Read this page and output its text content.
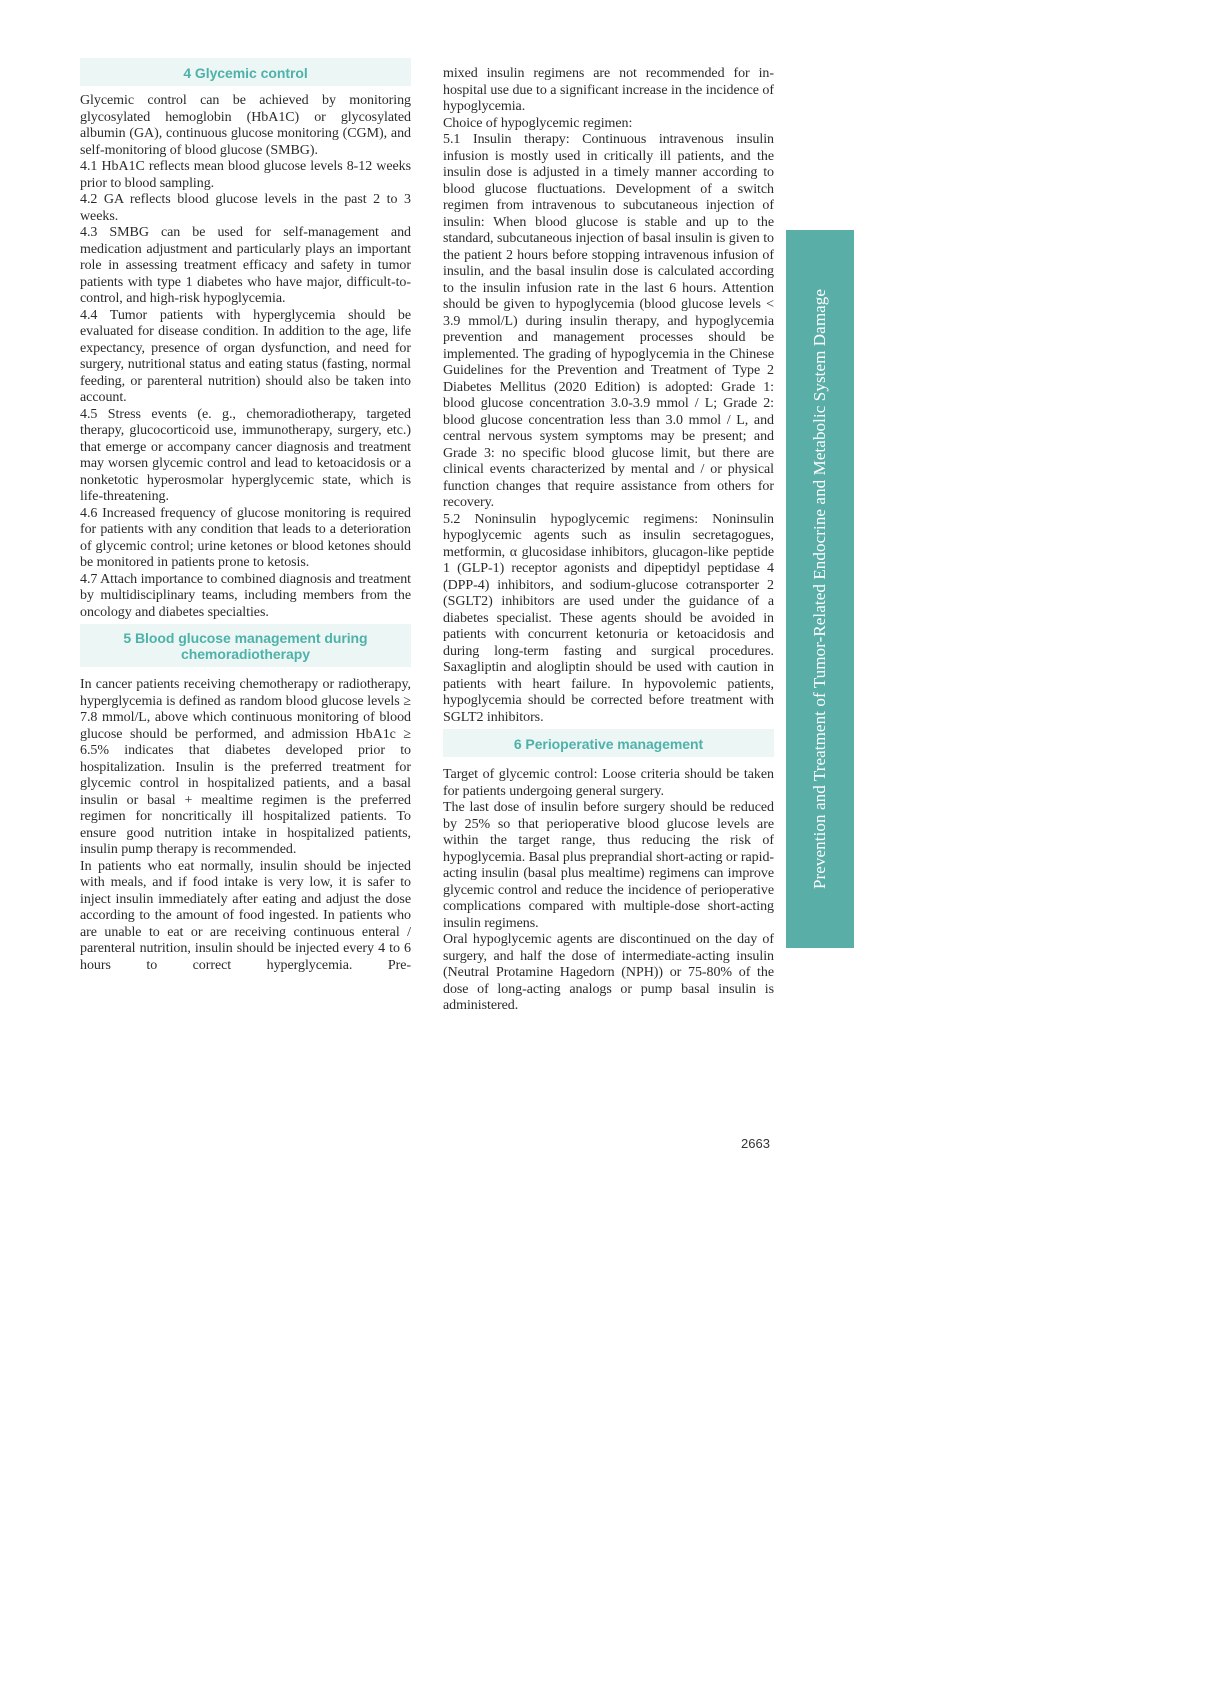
4 Glycemic control

Glycemic control can be achieved by monitoring glycosylated hemoglobin (HbA1C) or glycosylated albumin (GA), continuous glucose monitoring (CGM), and self-monitoring of blood glucose (SMBG).

4.1 HbA1C reflects mean blood glucose levels 8-12 weeks prior to blood sampling.

4.2 GA reflects blood glucose levels in the past 2 to 3 weeks.

4.3 SMBG can be used for self-management and medication adjustment and particularly plays an important role in assessing treatment efficacy and safety in tumor patients with type 1 diabetes who have major, difficult-to-control, and high-risk hypoglycemia.

4.4 Tumor patients with hyperglycemia should be evaluated for disease condition. In addition to the age, life expectancy, presence of organ dysfunction, and need for surgery, nutritional status and eating status (fasting, normal feeding, or parenteral nutrition) should also be taken into account.

4.5 Stress events (e. g., chemoradiotherapy, targeted therapy, glucocorticoid use, immunotherapy, surgery, etc.) that emerge or accompany cancer diagnosis and treatment may worsen glycemic control and lead to ketoacidosis or a nonketotic hyperosmolar hyperglycemic state, which is life-threatening.

4.6 Increased frequency of glucose monitoring is required for patients with any condition that leads to a deterioration of glycemic control; urine ketones or blood ketones should be monitored in patients prone to ketosis.

4.7 Attach importance to combined diagnosis and treatment by multidisciplinary teams, including members from the oncology and diabetes specialties.

5 Blood glucose management during chemoradiotherapy

In cancer patients receiving chemotherapy or radiotherapy, hyperglycemia is defined as random blood glucose levels ≥ 7.8 mmol/L, above which continuous monitoring of blood glucose should be performed, and admission HbA1c ≥ 6.5% indicates that diabetes developed prior to hospitalization. Insulin is the preferred treatment for glycemic control in hospitalized patients, and a basal insulin or basal + mealtime regimen is the preferred regimen for noncritically ill hospitalized patients. To ensure good nutrition intake in hospitalized patients, insulin pump therapy is recommended.

In patients who eat normally, insulin should be injected with meals, and if food intake is very low, it is safer to inject insulin immediately after eating and adjust the dose according to the amount of food ingested. In patients who are unable to eat or are receiving continuous enteral / parenteral nutrition, insulin should be injected every 4 to 6 hours to correct hyperglycemia. Pre-

mixed insulin regimens are not recommended for in-hospital use due to a significant increase in the incidence of hypoglycemia.

Choice of hypoglycemic regimen:

5.1 Insulin therapy: Continuous intravenous insulin infusion is mostly used in critically ill patients, and the insulin dose is adjusted in a timely manner according to blood glucose fluctuations. Development of a switch regimen from intravenous to subcutaneous injection of insulin: When blood glucose is stable and up to the standard, subcutaneous injection of basal insulin is given to the patient 2 hours before stopping intravenous infusion of insulin, and the basal insulin dose is calculated according to the insulin infusion rate in the last 6 hours. Attention should be given to hypoglycemia (blood glucose levels < 3.9 mmol/L) during insulin therapy, and hypoglycemia prevention and management processes should be implemented. The grading of hypoglycemia in the Chinese Guidelines for the Prevention and Treatment of Type 2 Diabetes Mellitus (2020 Edition) is adopted: Grade 1: blood glucose concentration 3.0-3.9 mmol / L; Grade 2: blood glucose concentration less than 3.0 mmol / L, and central nervous system symptoms may be present; and Grade 3: no specific blood glucose limit, but there are clinical events characterized by mental and / or physical function changes that require assistance from others for recovery.

5.2 Noninsulin hypoglycemic regimens: Noninsulin hypoglycemic agents such as insulin secretagogues, metformin, α glucosidase inhibitors, glucagon-like peptide 1 (GLP-1) receptor agonists and dipeptidyl peptidase 4 (DPP-4) inhibitors, and sodium-glucose cotransporter 2 (SGLT2) inhibitors are used under the guidance of a diabetes specialist. These agents should be avoided in patients with concurrent ketonuria or ketoacidosis and during long-term fasting and surgical procedures. Saxagliptin and alogliptin should be used with caution in patients with heart failure. In hypovolemic patients, hypoglycemia should be corrected before treatment with SGLT2 inhibitors.

6 Perioperative management

Target of glycemic control: Loose criteria should be taken for patients undergoing general surgery.

The last dose of insulin before surgery should be reduced by 25% so that perioperative blood glucose levels are within the target range, thus reducing the risk of hypoglycemia. Basal plus preprandial short-acting or rapid-acting insulin (basal plus mealtime) regimens can improve glycemic control and reduce the incidence of perioperative complications compared with multiple-dose short-acting insulin regimens.

Oral hypoglycemic agents are discontinued on the day of surgery, and half the dose of intermediate-acting insulin (Neutral Protamine Hagedorn (NPH)) or 75-80% of the dose of long-acting analogs or pump basal insulin is administered.

2663
Prevention and Treatment of Tumor-Related Endocrine and Metabolic System Damage
